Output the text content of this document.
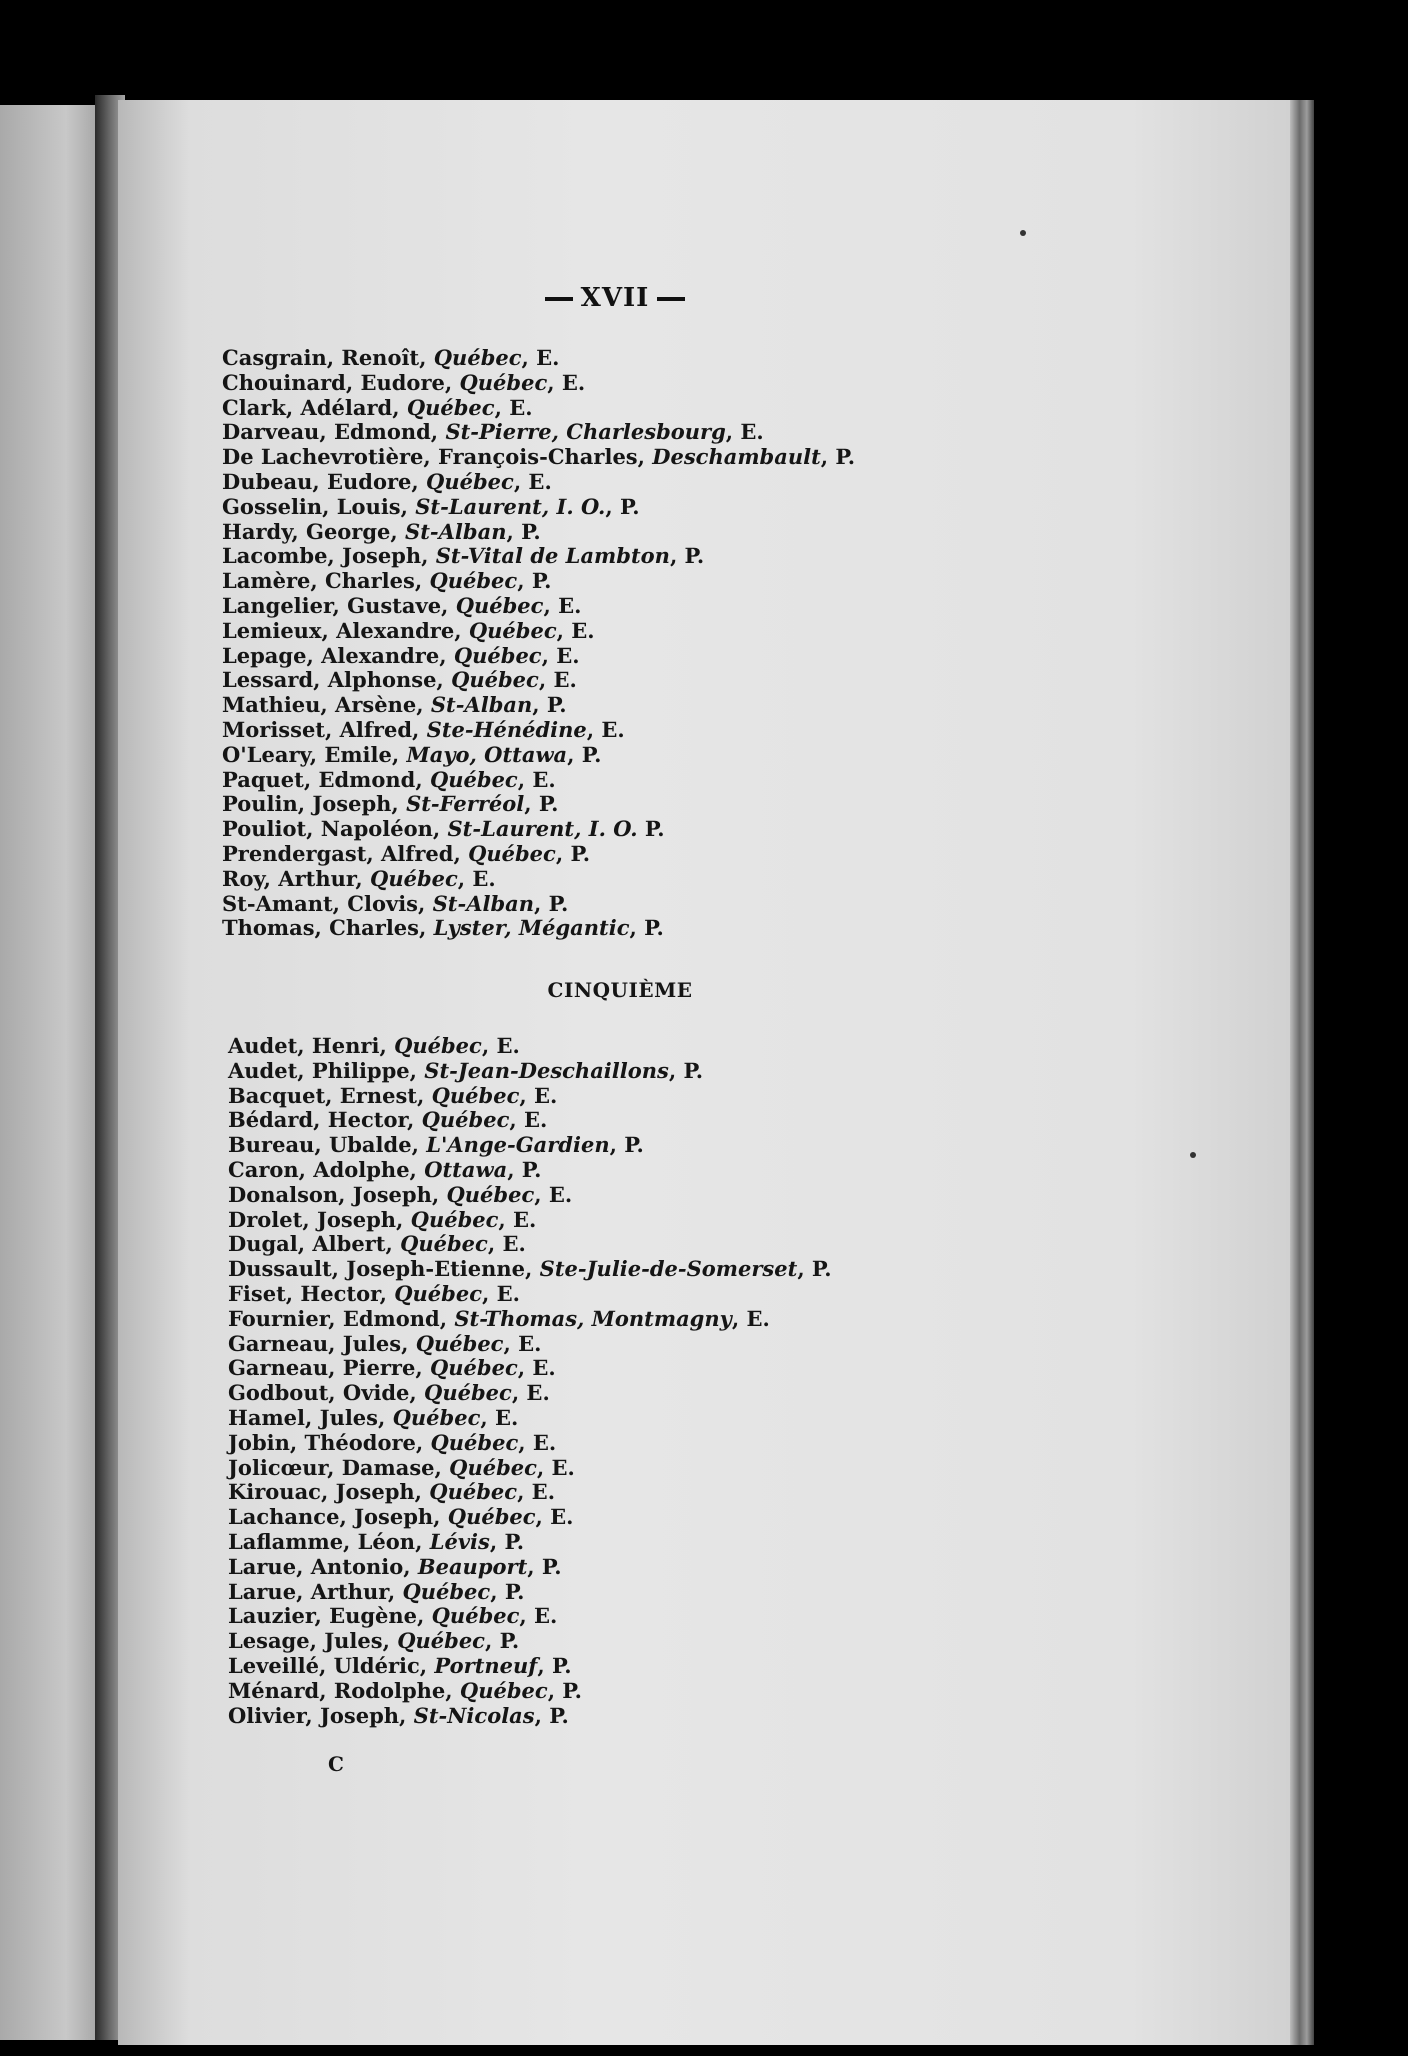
XVII
Casgrain, Renoît, Québec, E.
Chouinard, Eudore, Québec, E.
Clark, Adélard, Québec, E.
Darveau, Edmond, St-Pierre, Charlesbourg, E.
De Lachevrotière, François-Charles, Deschambault, P.
Dubeau, Eudore, Québec, E.
Gosselin, Louis, St-Laurent, I. O., P.
Hardy, George, St-Alban, P.
Lacombe, Joseph, St-Vital de Lambton, P.
Lamère, Charles, Québec, P.
Langelier, Gustave, Québec, E.
Lemieux, Alexandre, Québec, E.
Lepage, Alexandre, Québec, E.
Lessard, Alphonse, Québec, E.
Mathieu, Arsène, St-Alban, P.
Morisset, Alfred, Ste-Hénédine, E.
O'Leary, Emile, Mayo, Ottawa, P.
Paquet, Edmond, Québec, E.
Poulin, Joseph, St-Ferréol, P.
Pouliot, Napoléon, St-Laurent, I. O. P.
Prendergast, Alfred, Québec, P.
Roy, Arthur, Québec, E.
St-Amant, Clovis, St-Alban, P.
Thomas, Charles, Lyster, Mégantic, P.
CINQUIÈME
Audet, Henri, Québec, E.
Audet, Philippe, St-Jean-Deschaillons, P.
Bacquet, Ernest, Québec, E.
Bédard, Hector, Québec, E.
Bureau, Ubalde, L'Ange-Gardien, P.
Caron, Adolphe, Ottawa, P.
Donalson, Joseph, Québec, E.
Drolet, Joseph, Québec, E.
Dugal, Albert, Québec, E.
Dussault, Joseph-Etienne, Ste-Julie-de-Somerset, P.
Fiset, Hector, Québec, E.
Fournier, Edmond, St-Thomas, Montmagny, E.
Garneau, Jules, Québec, E.
Garneau, Pierre, Québec, E.
Godbout, Ovide, Québec, E.
Hamel, Jules, Québec, E.
Jobin, Théodore, Québec, E.
Jolicœur, Damase, Québec, E.
Kirouac, Joseph, Québec, E.
Lachance, Joseph, Québec, E.
Laflamme, Léon, Lévis, P.
Larue, Antonio, Beauport, P.
Larue, Arthur, Québec, P.
Lauzier, Eugène, Québec, E.
Lesage, Jules, Québec, P.
Leveillé, Uldéric, Portneuf, P.
Ménard, Rodolphe, Québec, P.
Olivier, Joseph, St-Nicolas, P.
C
